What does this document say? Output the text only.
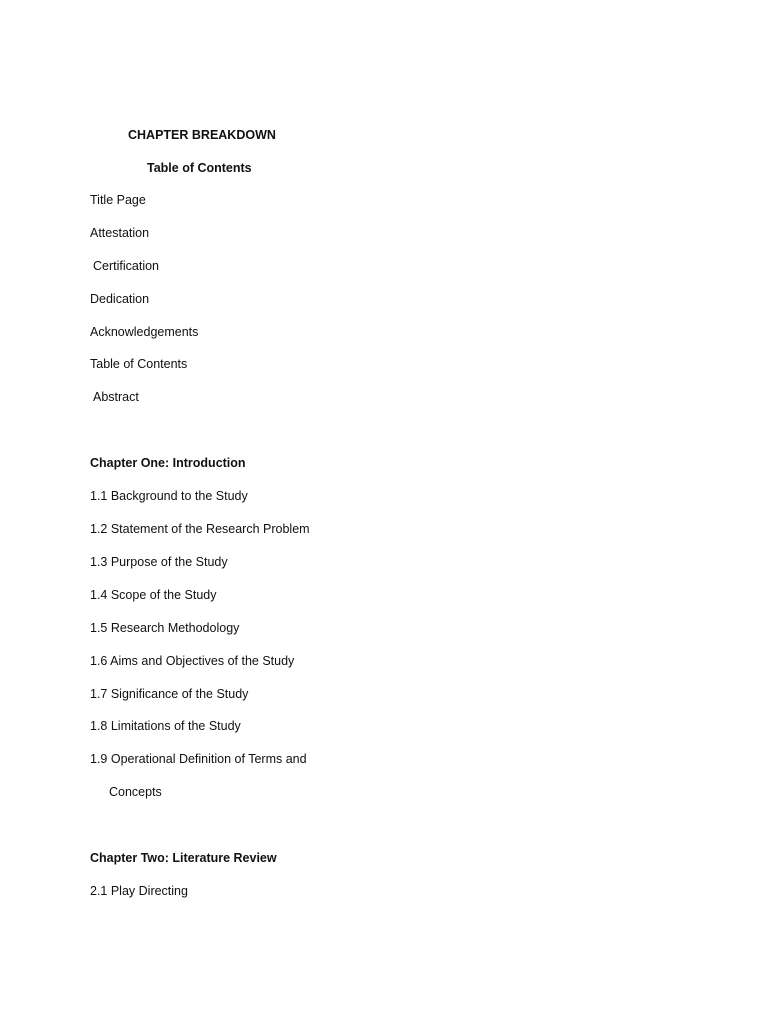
CHAPTER BREAKDOWN
Table of Contents
Title Page
Attestation
Certification
Dedication
Acknowledgements
Table of Contents
Abstract
Chapter One: Introduction
1.1 Background to the Study
1.2 Statement of the Research Problem
1.3 Purpose of the Study
1.4 Scope of the Study
1.5 Research Methodology
1.6 Aims and Objectives of the Study
1.7 Significance of the Study
1.8 Limitations of the Study
1.9 Operational Definition of Terms and
Concepts
Chapter Two: Literature Review
2.1 Play Directing
